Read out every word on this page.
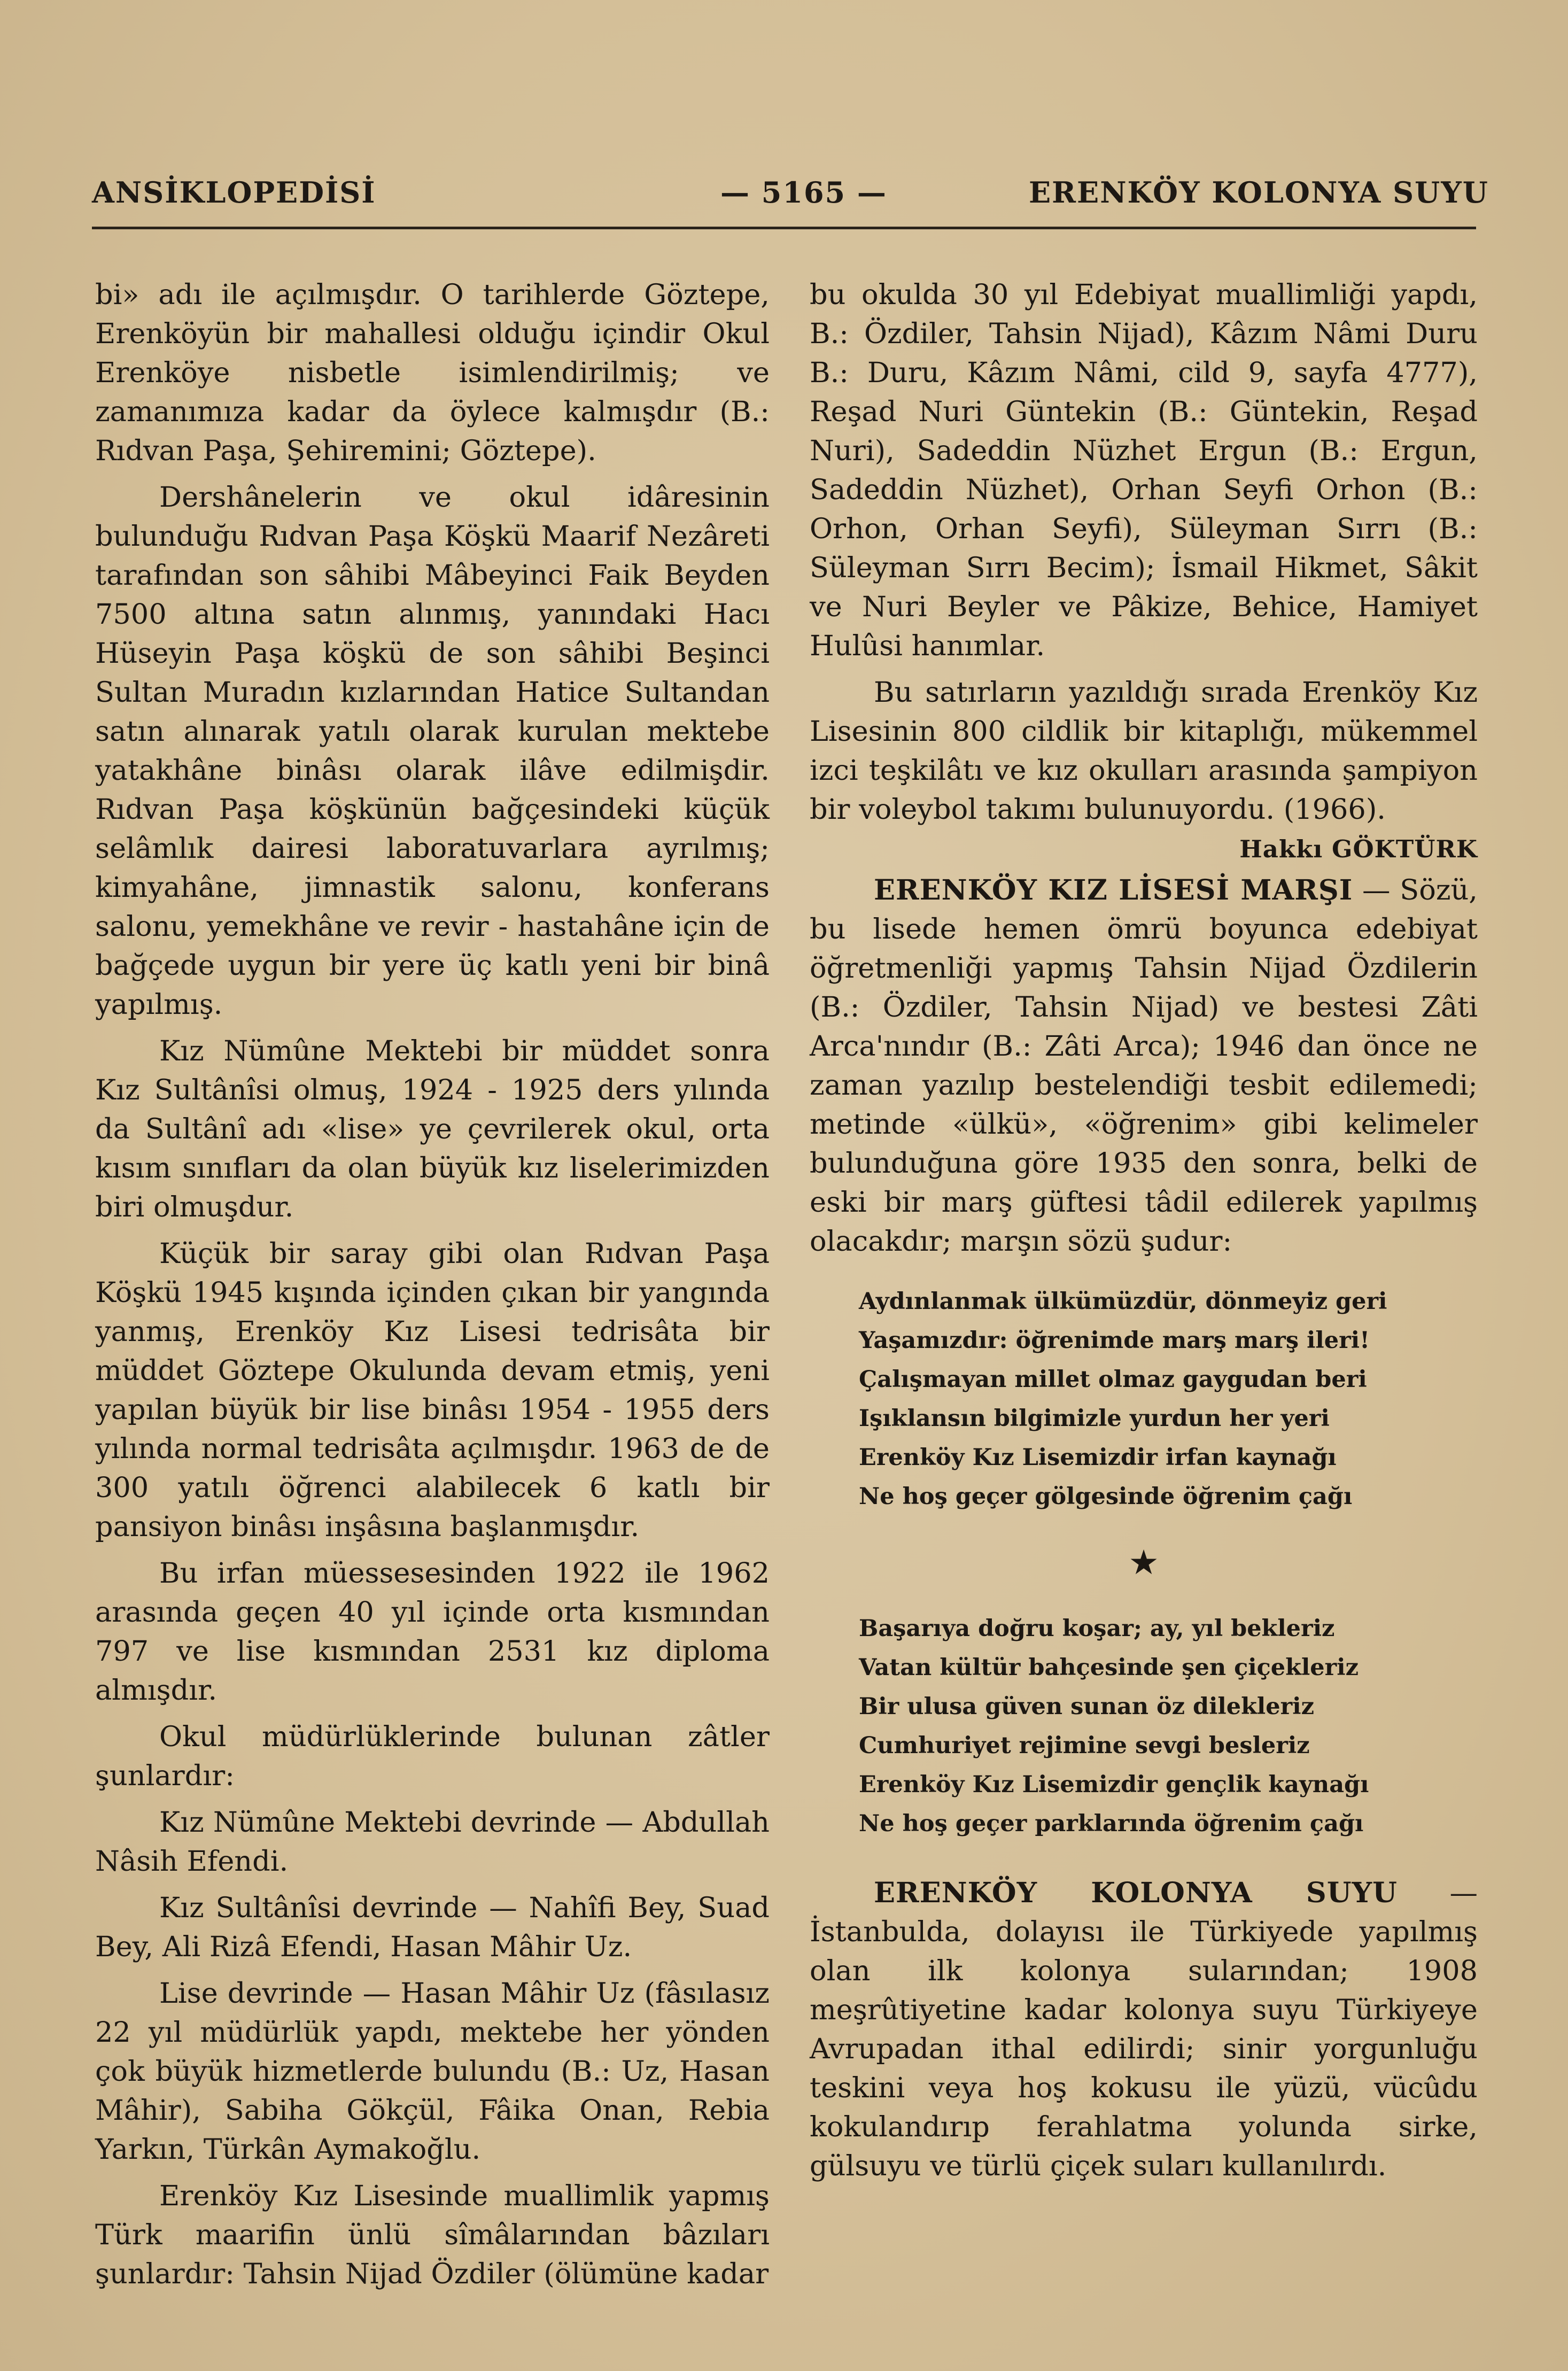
ANSİKLOPEDİSİ	— 5165 —	ERENKÖY KOLONYA SUYU

bi» adı ile açılmışdır. O tarihlerde Göztepe, Erenköyün bir mahallesi olduğu içindir Okul Erenköye nisbetle isimlendirilmiş; ve zamanımıza kadar da öylece kalmışdır (B.: Rıdvan Paşa, Şehiremini; Göztepe).

Dershânelerin ve okul idâresinin bulunduğu Rıdvan Paşa Köşkü Maarif Nezâreti tarafından son sâhibi Mâbeyinci Faik Beyden 7500 altına satın alınmış, yanındaki Hacı Hüseyin Paşa köşkü de son sâhibi Beşinci Sultan Muradın kızlarından Hatice Sultandan satın alınarak yatılı olarak kurulan mektebe yatakhâne binâsı olarak ilâve edilmişdir. Rıdvan Paşa köşkünün bağçesindeki küçük selâmlık dairesi laboratuvarlara ayrılmış; kimyahâne, jimnastik salonu, konferans salonu, yemekhâne ve revir - hastahâne için de bağçede uygun bir yere üç katlı yeni bir binâ yapılmış.

Kız Nümûne Mektebi bir müddet sonra Kız Sultânîsi olmuş, 1924 - 1925 ders yılında da Sultânî adı «lise» ye çevrilerek okul, orta kısım sınıfları da olan büyük kız liselerimizden biri olmuşdur.

Küçük bir saray gibi olan Rıdvan Paşa Köşkü 1945 kışında içinden çıkan bir yangında yanmış, Erenköy Kız Lisesi tedrisâta bir müddet Göztepe Okulunda devam etmiş, yeni yapılan büyük bir lise binâsı 1954 - 1955 ders yılında normal tedrisâta açılmışdır. 1963 de de 300 yatılı öğrenci alabilecek 6 katlı bir pansiyon binâsı inşâsına başlanmışdır.

Bu irfan müessesesinden 1922 ile 1962 arasında geçen 40 yıl içinde orta kısmından 797 ve lise kısmından 2531 kız diploma almışdır.

Okul müdürlüklerinde bulunan zâtler şunlardır:

Kız Nümûne Mektebi devrinde — Abdullah Nâsih Efendi.

Kız Sultânîsi devrinde — Nahîfi Bey, Suad Bey, Ali Rizâ Efendi, Hasan Mâhir Uz.

Lise devrinde — Hasan Mâhir Uz (fâsılasız 22 yıl müdürlük yapdı, mektebe her yönden çok büyük hizmetlerde bulundu (B.: Uz, Hasan Mâhir), Sabiha Gökçül, Fâika Onan, Rebia Yarkın, Türkân Aymakoğlu.

Erenköy Kız Lisesinde muallimlik yapmış Türk maarifin ünlü sîmâlarından bâzıları şunlardır: Tahsin Nijad Özdiler (ölümüne kadar

bu okulda 30 yıl Edebiyat muallimliği yapdı, B.: Özdiler, Tahsin Nijad), Kâzım Nâmi Duru B.: Duru, Kâzım Nâmi, cild 9, sayfa 4777), Reşad Nuri Güntekin (B.: Güntekin, Reşad Nuri), Sadeddin Nüzhet Ergun (B.: Ergun, Sadeddin Nüzhet), Orhan Seyfi Orhon (B.: Orhon, Orhan Seyfi), Süleyman Sırrı (B.: Süleyman Sırrı Becim); İsmail Hikmet, Sâkit ve Nuri Beyler ve Pâkize, Behice, Hamiyet Hulûsi hanımlar.

Bu satırların yazıldığı sırada Erenköy Kız Lisesinin 800 cildlik bir kitaplığı, mükemmel izci teşkilâtı ve kız okulları arasında şampiyon bir voleybol takımı bulunuyordu. (1966).

Hakkı GÖKTÜRK

ERENKÖY KIZ LİSESİ MARŞI — Sözü, bu lisede hemen ömrü boyunca edebiyat öğretmenliği yapmış Tahsin Nijad Özdilerin (B.: Özdiler, Tahsin Nijad) ve bestesi Zâti Arca'nındır (B.: Zâti Arca); 1946 dan önce ne zaman yazılıp bestelendiği tesbit edilemedi; metinde «ülkü», «öğrenim» gibi kelimeler bulunduğuna göre 1935 den sonra, belki de eski bir marş güftesi tâdil edilerek yapılmış olacakdır; marşın sözü şudur:

Aydınlanmak ülkümüzdür, dönmeyiz geri
Yaşamızdır: öğrenimde marş marş ileri!
Çalışmayan millet olmaz gaygudan beri
Işıklansın bilgimizle yurdun her yeri
Erenköy Kız Lisemizdir irfan kaynağı
Ne hoş geçer gölgesinde öğrenim çağı
★
Başarıya doğru koşar; ay, yıl bekleriz
Vatan kültür bahçesinde şen çiçekleriz
Bir ulusa güven sunan öz dilekleriz
Cumhuriyet rejimine sevgi besleriz
Erenköy Kız Lisemizdir gençlik kaynağı
Ne hoş geçer parklarında öğrenim çağı

ERENKÖY KOLONYA SUYU — İstanbulda, dolayısı ile Türkiyede yapılmış olan ilk kolonya sularından; 1908 meşrûtiyetine kadar kolonya suyu Türkiyeye Avrupadan ithal edilirdi; sinir yorgunluğu teskini veya hoş kokusu ile yüzü, vücûdu kokulandırıp ferahlatma yolunda sirke, gülsuyu ve türlü çiçek suları kullanılırdı.
